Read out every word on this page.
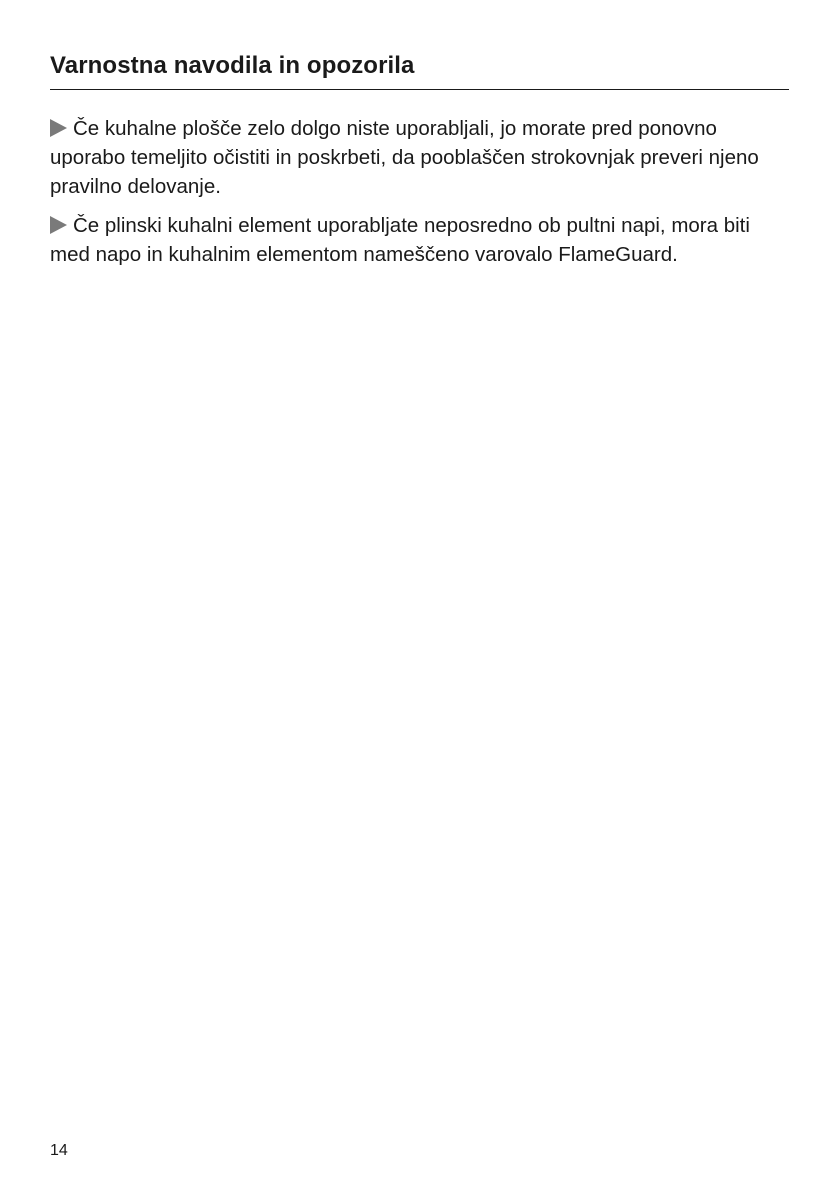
Varnostna navodila in opozorila

Če kuhalne plošče zelo dolgo niste uporabljali, jo morate pred ponovno uporabo temeljito očistiti in poskrbeti, da pooblaščen strokovnjak preveri njeno pravilno delovanje.

Če plinski kuhalni element uporabljate neposredno ob pultni napi, mora biti med napo in kuhalnim elementom nameščeno varovalo FlameGuard.

14
